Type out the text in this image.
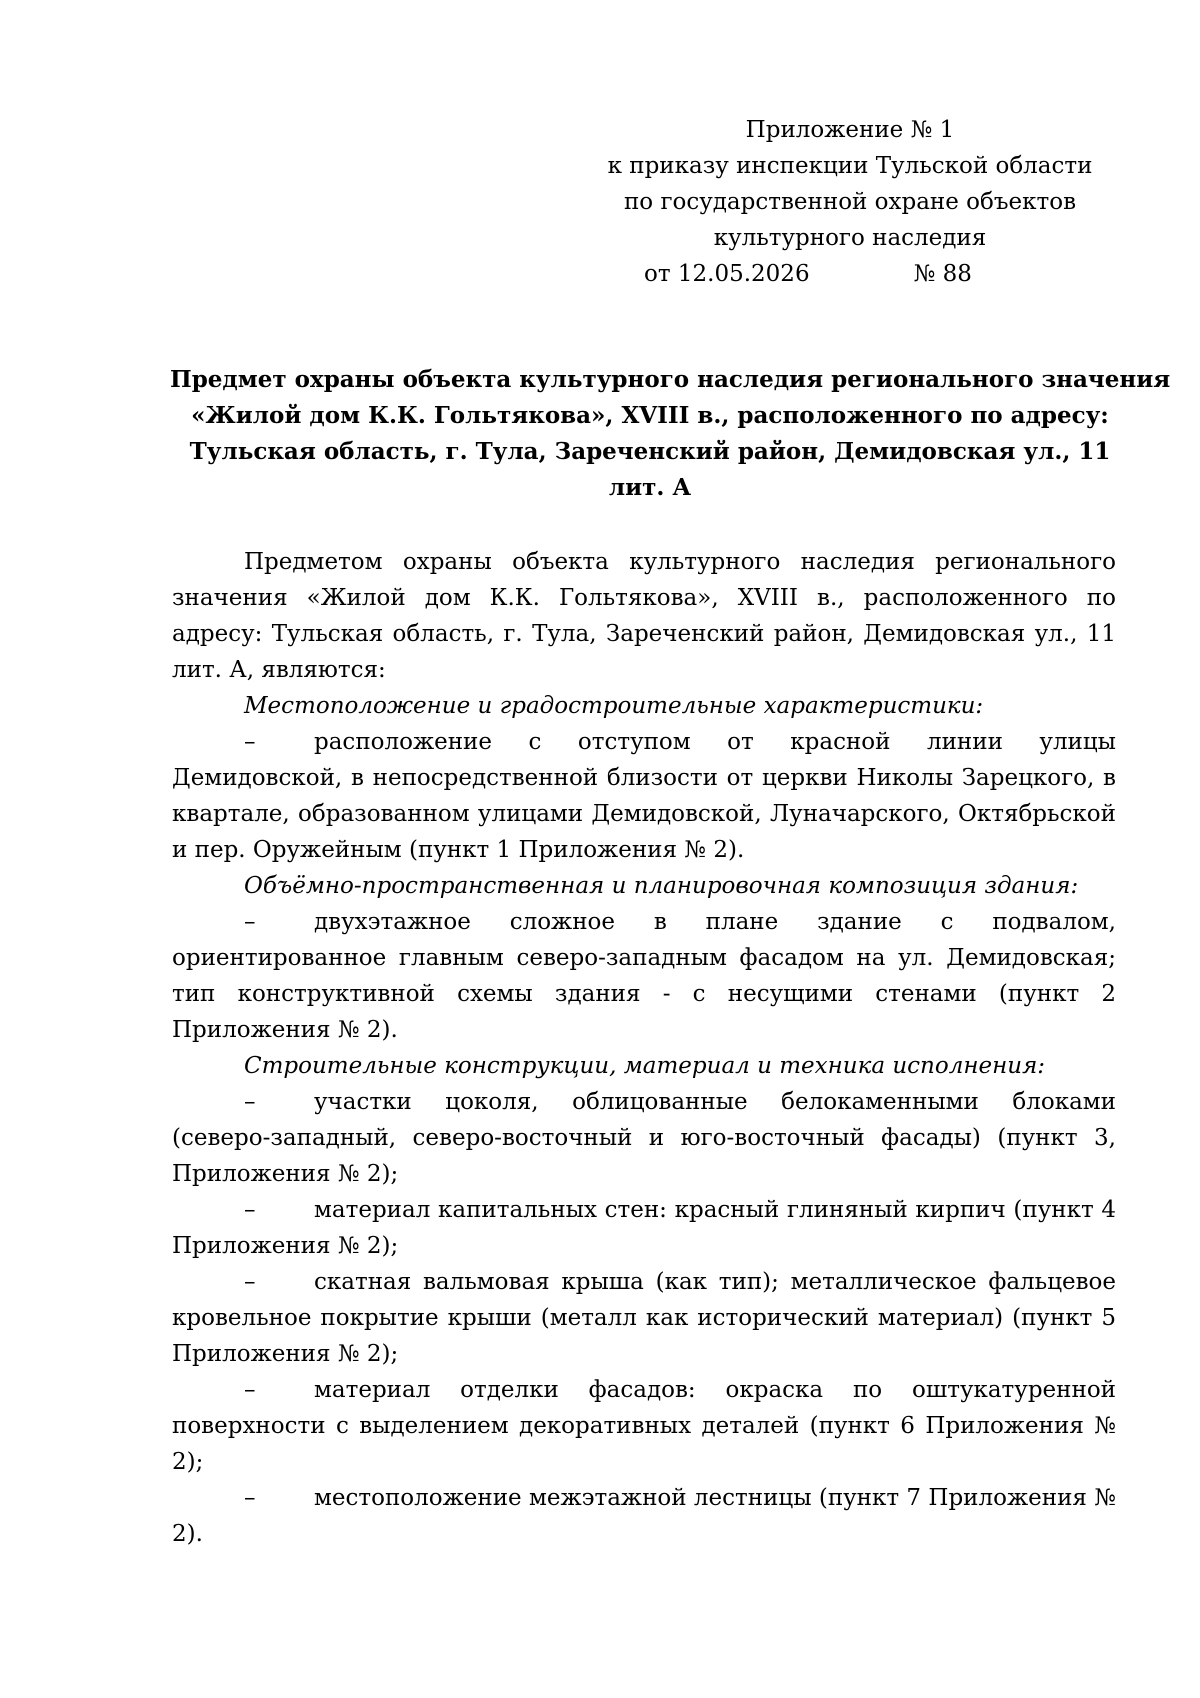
Приложение № 1
к приказу инспекции Тульской области
по государственной охране объектов
культурного наследия
от 12.05.2026	№ 88
Предмет охраны объекта культурного наследия регионального значения
«Жилой дом К.К. Гольтякова», XVIII в., расположенного по адресу:
Тульская область, г. Тула, Зареченский район, Демидовская ул., 11
лит. А

Предметом охраны объекта культурного наследия регионального значения «Жилой дом К.К. Гольтякова», XVIII в., расположенного по адресу: Тульская область, г. Тула, Зареченский район, Демидовская ул., 11 лит. А, являются:

Местоположение и градостроительные характеристики:

–	расположение с отступом от красной линии улицы Демидовской, в непосредственной близости от церкви Николы Зарецкого, в квартале, образованном улицами Демидовской, Луначарского, Октябрьской и пер. Оружейным (пункт 1 Приложения № 2).

Объёмно-пространственная и планировочная композиция здания:

–	двухэтажное сложное в плане здание с подвалом, ориентированное главным северо-западным фасадом на ул. Демидовская; тип конструктивной схемы здания - с несущими стенами (пункт 2 Приложения № 2).

Строительные конструкции, материал и техника исполнения:

–	участки цоколя, облицованные белокаменными блоками (северо-западный, северо-восточный и юго-восточный фасады) (пункт 3, Приложения № 2);

–	материал капитальных стен: красный глиняный кирпич (пункт 4 Приложения № 2);

–	скатная вальмовая крыша (как тип); металлическое фальцевое кровельное покрытие крыши (металл как исторический материал) (пункт 5 Приложения № 2);

–	материал отделки фасадов: окраска по оштукатуренной поверхности с выделением декоративных деталей (пункт 6 Приложения № 2);

–	местоположение межэтажной лестницы (пункт 7 Приложения № 2).
